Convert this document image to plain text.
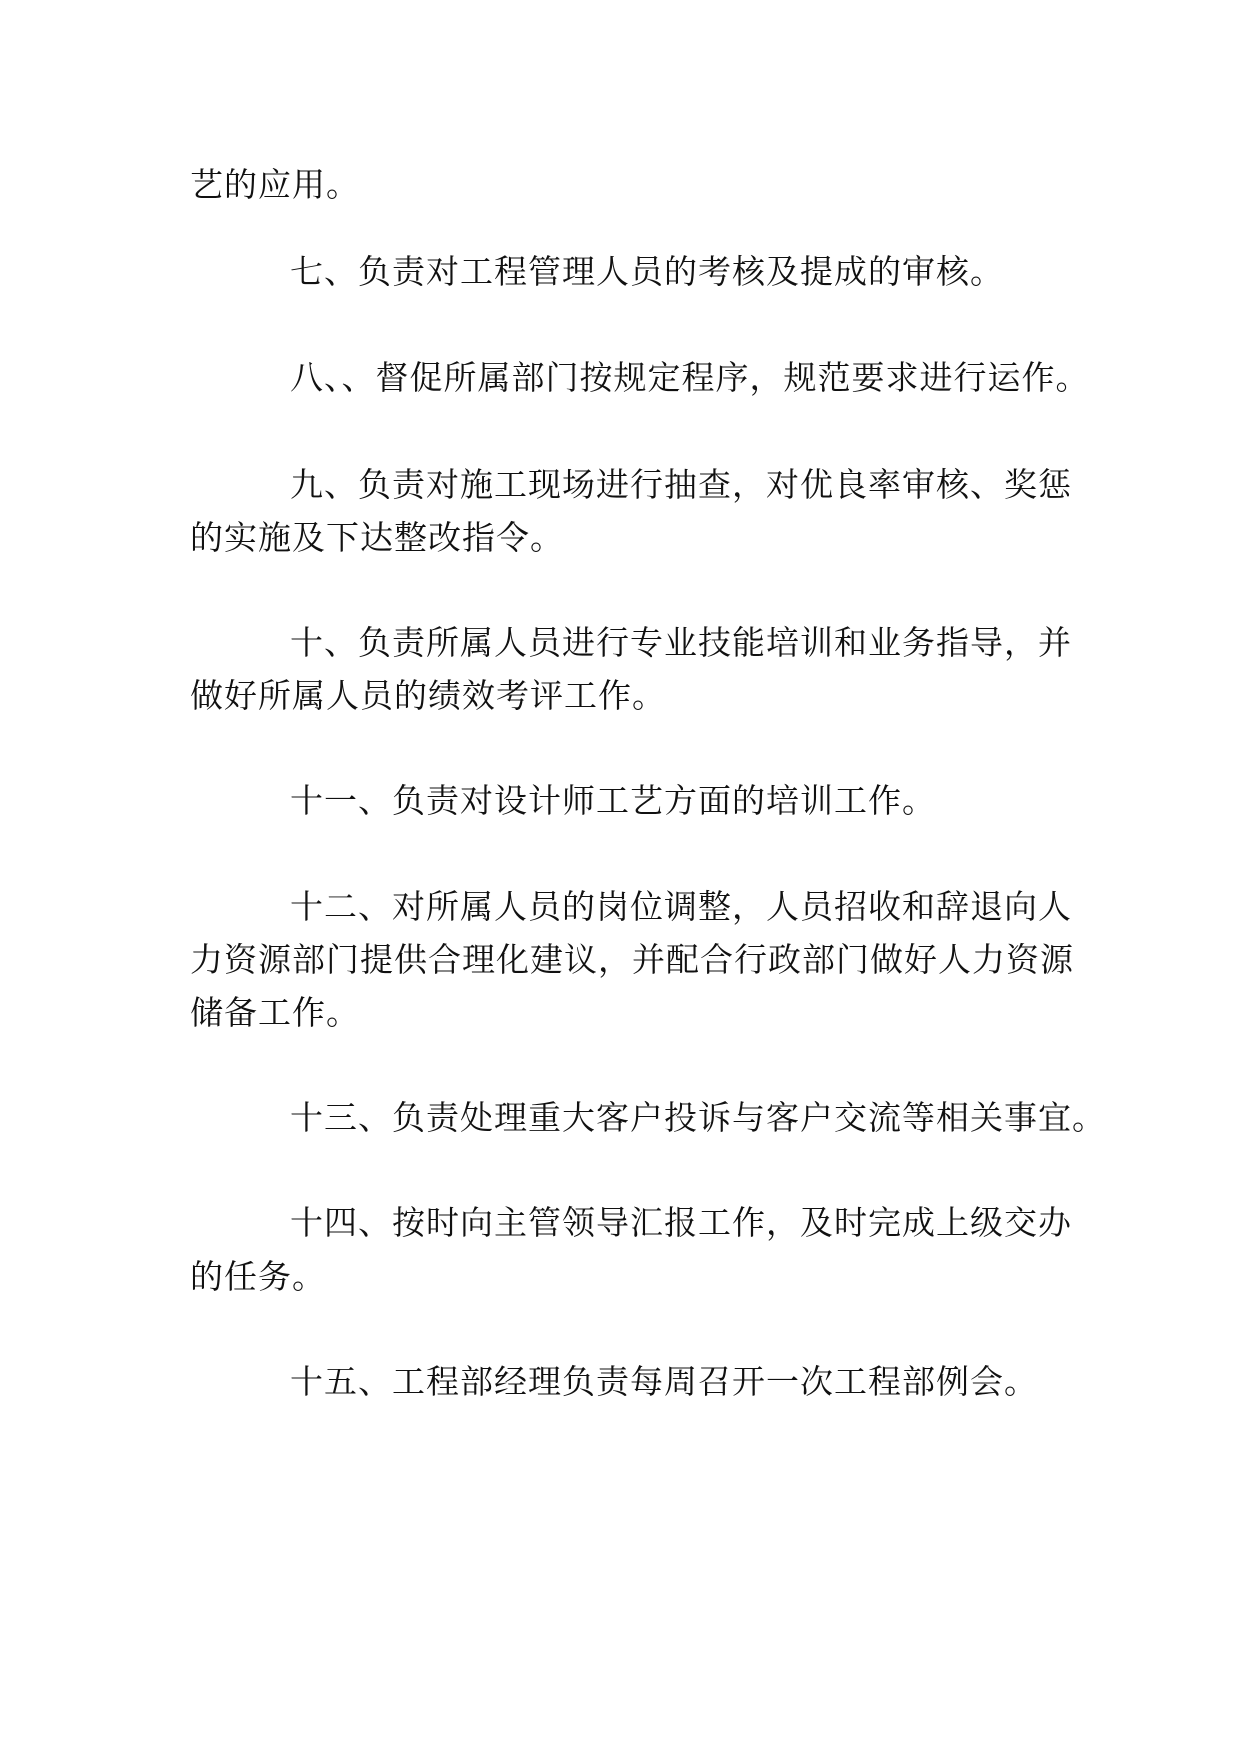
艺的应用。
七、负责对工程管理人员的考核及提成的审核。
八、、督促所属部门按规定程序，规范要求进行运作。
九、负责对施工现场进行抽查，对优良率审核、奖惩
的实施及下达整改指令。
十、负责所属人员进行专业技能培训和业务指导，并
做好所属人员的绩效考评工作。
十一、负责对设计师工艺方面的培训工作。
十二、对所属人员的岗位调整，人员招收和辞退向人
力资源部门提供合理化建议，并配合行政部门做好人力资源
储备工作。
十三、负责处理重大客户投诉与客户交流等相关事宜。
十四、按时向主管领导汇报工作，及时完成上级交办
的任务。
十五、工程部经理负责每周召开一次工程部例会。
